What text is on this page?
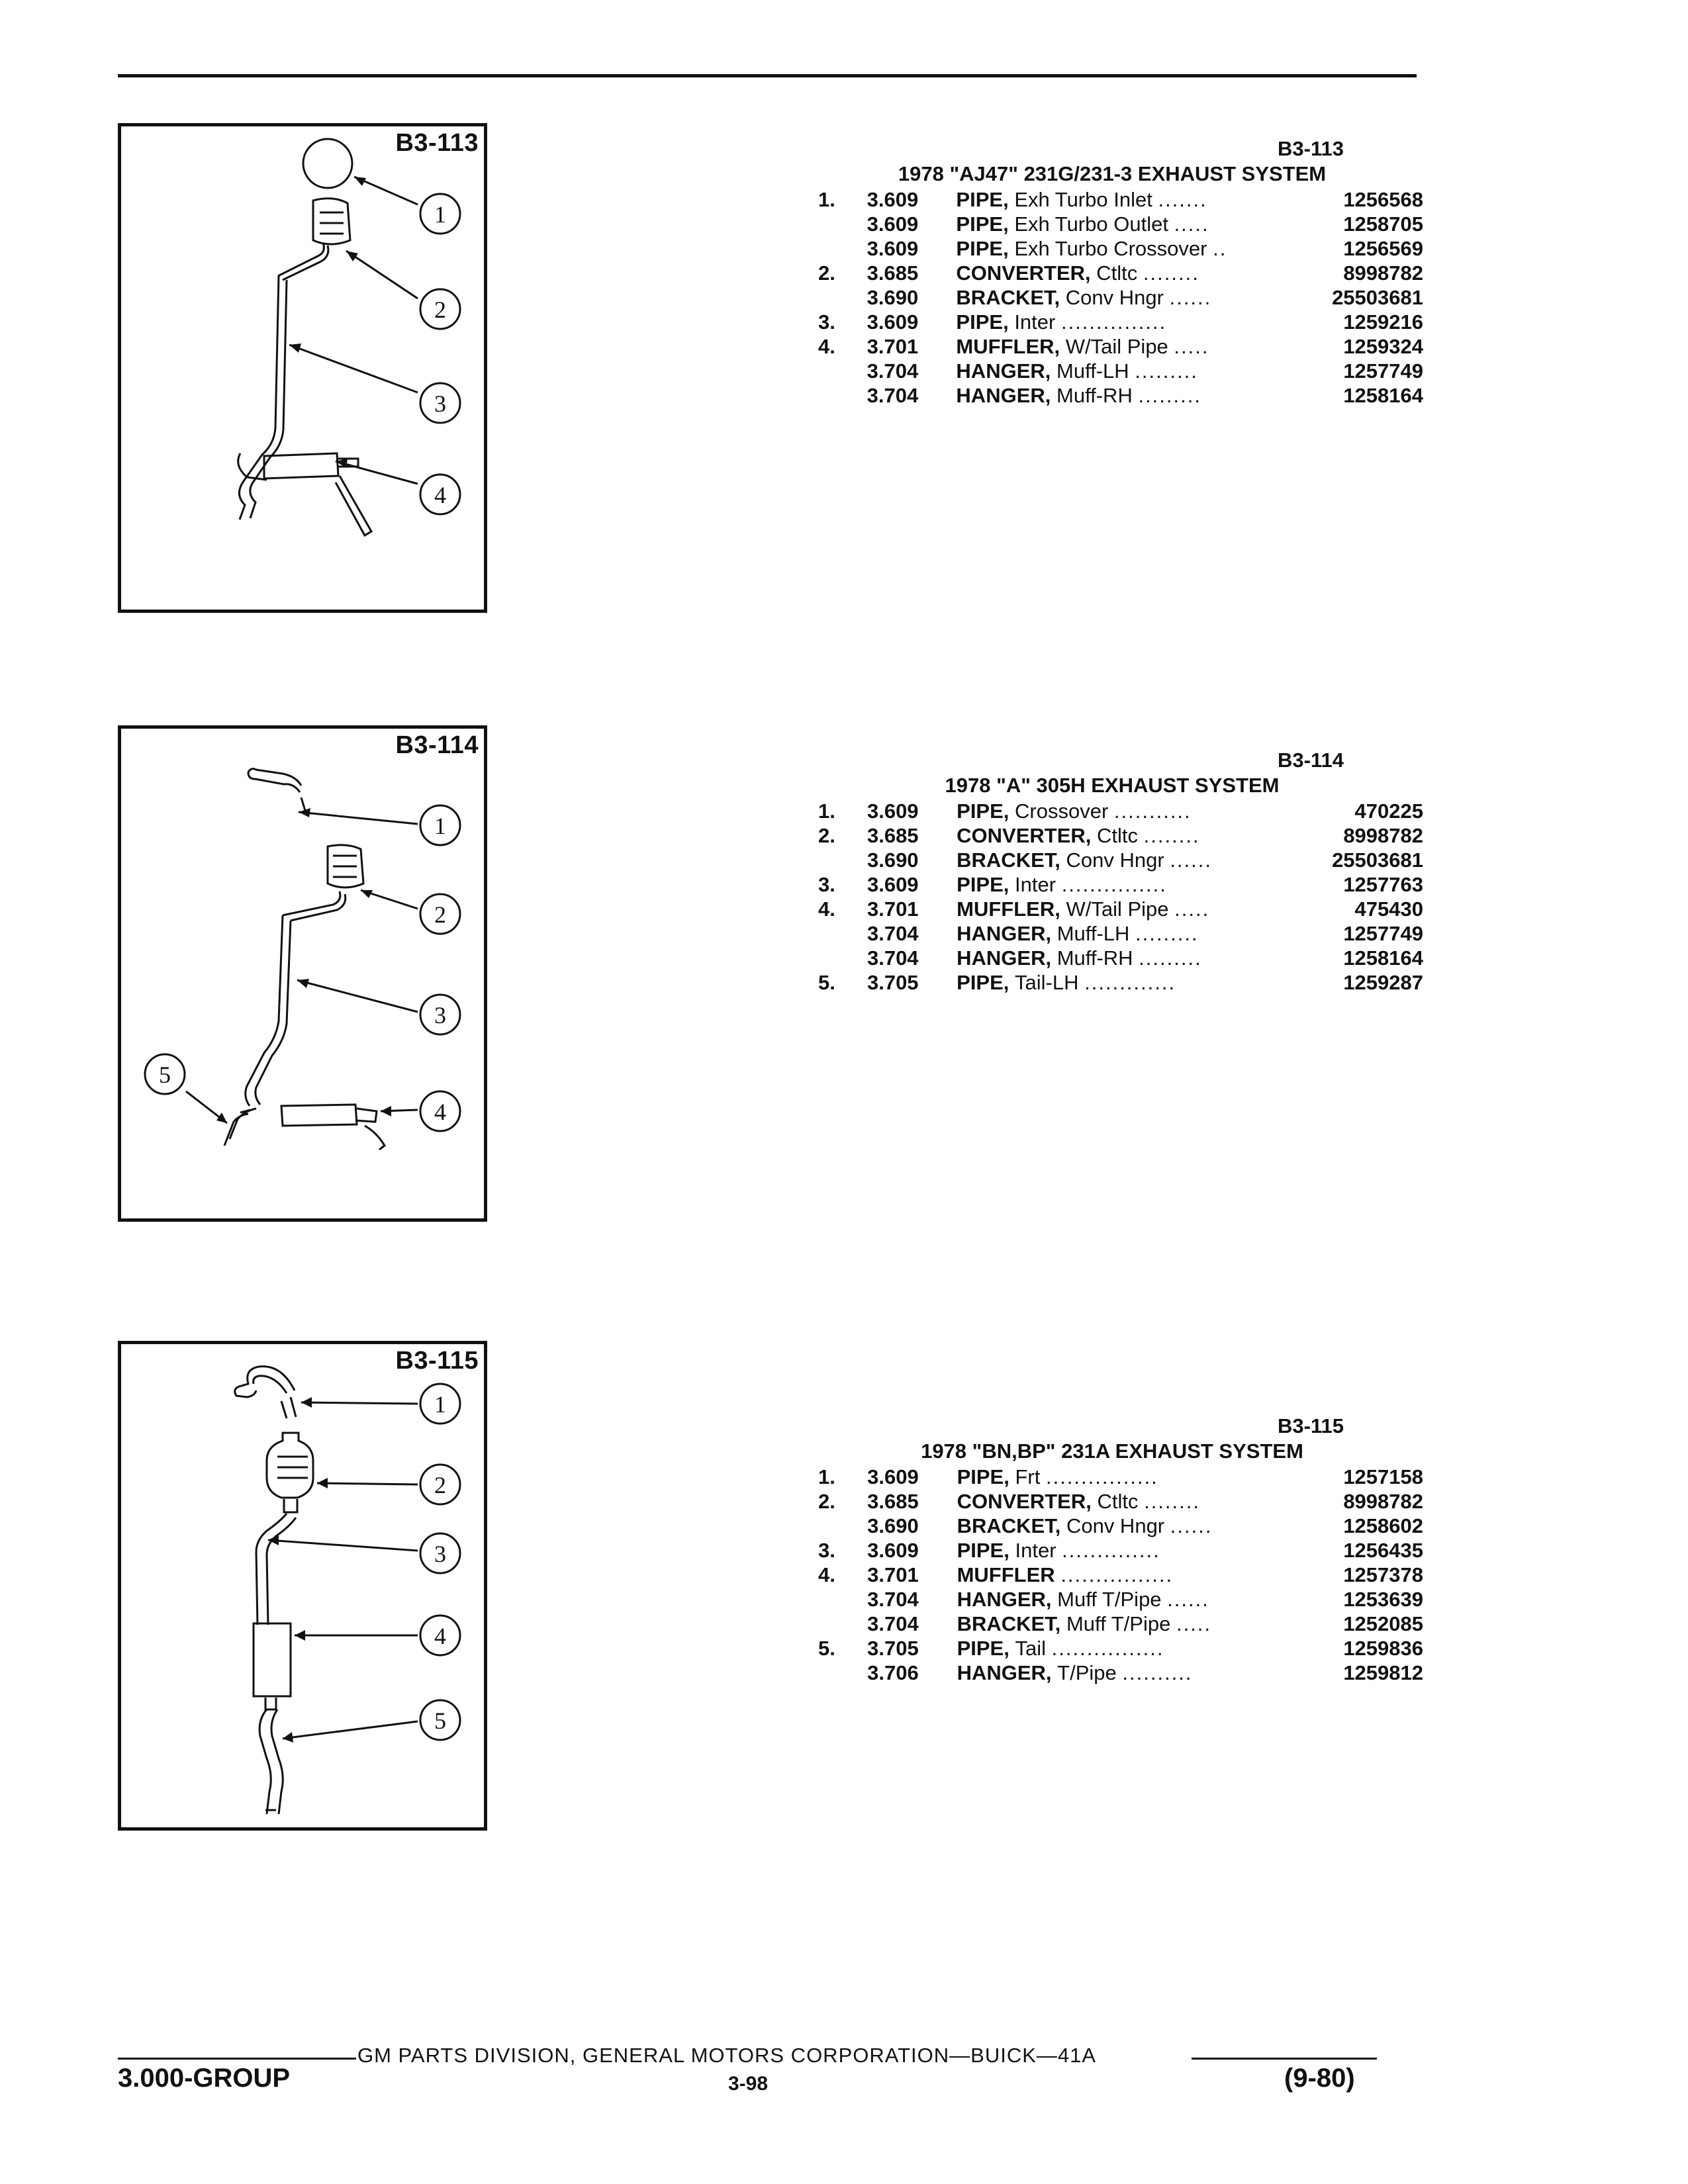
1
2
3
4
B3-113	B3-113
1978 "AJ47" 231G/231-3 EXHAUST SYSTEM
1.	3.609	PIPE, Exh Turbo Inlet .......	1256568
	3.609	PIPE, Exh Turbo Outlet .....	1258705
	3.609	PIPE, Exh Turbo Crossover ..	1256569
2.	3.685	CONVERTER, Ctltc ........	8998782
	3.690	BRACKET, Conv Hngr ......	25503681
3.	3.609	PIPE, Inter ...............	1259216
4.	3.701	MUFFLER, W/Tail Pipe .....	1259324
	3.704	HANGER, Muff-LH .........	1257749
	3.704	HANGER, Muff-RH .........	1258164
1
2
3
4
5
B3-114
B3-114
1978 "A" 305H EXHAUST SYSTEM
1.	3.609	PIPE, Crossover ...........	470225
2.	3.685	CONVERTER, Ctltc ........	8998782
	3.690	BRACKET, Conv Hngr ......	25503681
3.	3.609	PIPE, Inter ...............	1257763
4.	3.701	MUFFLER, W/Tail Pipe .....	475430
	3.704	HANGER, Muff-LH .........	1257749
	3.704	HANGER, Muff-RH .........	1258164
5.	3.705	PIPE, Tail-LH .............	1259287
1
2
3
4
5
B3-115
B3-115
1978 "BN,BP" 231A EXHAUST SYSTEM
1.	3.609	PIPE, Frt ................	1257158
2.	3.685	CONVERTER, Ctltc ........	8998782
	3.690	BRACKET, Conv Hngr ......	1258602
3.	3.609	PIPE, Inter ..............	1256435
4.	3.701	MUFFLER ................	1257378
	3.704	HANGER, Muff T/Pipe ......	1253639
	3.704	BRACKET, Muff T/Pipe .....	1252085
5.	3.705	PIPE, Tail ................	1259836
	3.706	HANGER, T/Pipe ..........	1259812
GM PARTS DIVISION, GENERAL MOTORS CORPORATION—BUICK—41A
3.000-GROUP	3-98	(9-80)
